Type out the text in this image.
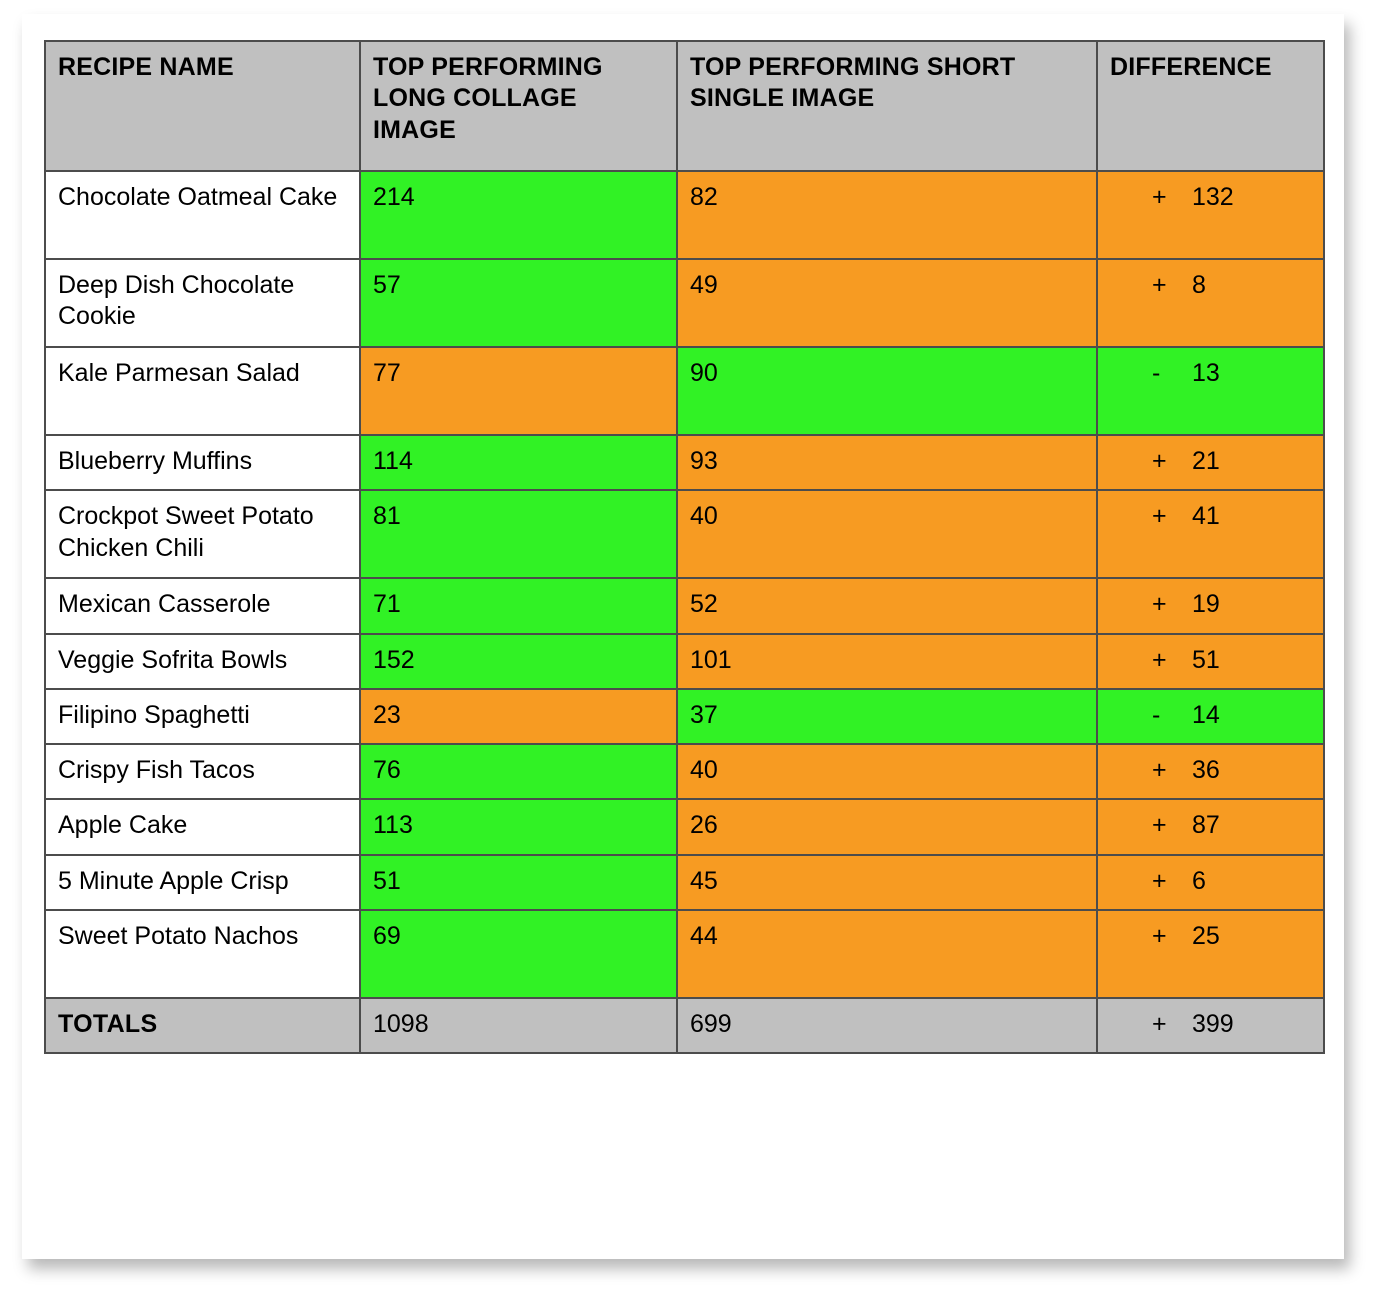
RECIPE NAME	TOP PERFORMING LONG COLLAGE IMAGE	TOP PERFORMING SHORT SINGLE IMAGE	DIFFERENCE
Chocolate Oatmeal Cake	214	82	+ 132

Deep Dish Chocolate Cookie	57	49	+ 8

Kale Parmesan Salad	77	90	- 13

Blueberry Muffins	114	93	+ 21

Crockpot Sweet Potato Chicken Chili	81	40	+ 41

Mexican Casserole	71	52	+ 19

Veggie Sofrita Bowls	152	101	+ 51

Filipino Spaghetti	23	37	- 14

Crispy Fish Tacos	76	40	+ 36

Apple Cake	113	26	+ 87

5 Minute Apple Crisp	51	45	+ 6

Sweet Potato Nachos	69	44	+ 25

TOTALS	1098	699	+ 399
